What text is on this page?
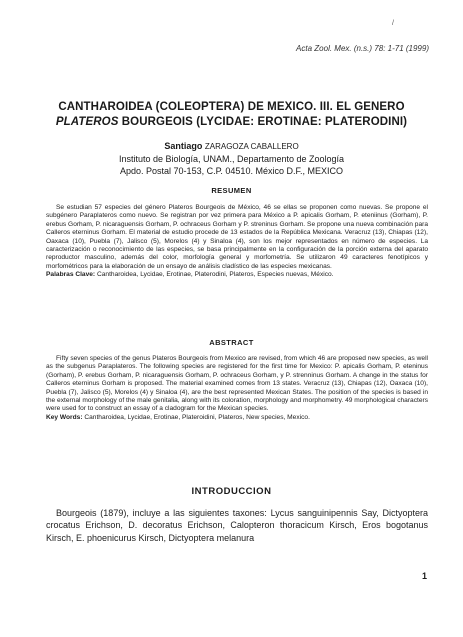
/
Acta Zool. Mex. (n.s.) 78: 1-71 (1999)
CANTHAROIDEA (COLEOPTERA) DE MEXICO. III. EL GENERO
PLATEROS BOURGEOIS (LYCIDAE: EROTINAE: PLATERODINI)
Santiago ZARAGOZA CABALLERO
Instituto de Biología, UNAM., Departamento de Zoología
Apdo. Postal 70-153, C.P. 04510. México D.F., MEXICO
RESUMEN

Se estudian 57 especies del género Plateros Bourgeois de México, 46 se ellas se proponen como nuevas. Se propone el subgénero Paraplateros como nuevo. Se registran por vez primera para México a P. apicalis Gorham, P. eteniinus (Gorham), P. erebus Gorham, P. nicaraguensis Gorham, P. ochraceus Gorham y P. streninus Gorham. Se propone una nueva combinación para Calleros eterninus Gorham. El material de estudio procede de 13 estados de la República Mexicana. Veracruz (13), Chiapas (12), Oaxaca (10), Puebla (7), Jalisco (5), Morelos (4) y Sinaloa (4), son los mejor representados en número de especies. La caracterización o reconocimiento de las especies, se basa principalmente en la configuración de la porción externa del aparato reproductor masculino, además del color, morfología general y morfometría. Se utilizaron 49 caracteres fenotípicos y morfométricos para la elaboración de un ensayo de análisis cladístico de las especies mexicanas.

Palabras Clave: Cantharoidea, Lycidae, Erotinae, Platerodini, Plateros, Especies nuevas, México.

ABSTRACT

Fifty seven species of the genus Plateros Bourgeois from Mexico are revised, from which 46 are proposed new species, as well as the subgenus Paraplateros. The following species are registered for the first time for Mexico: P. apicalis Gorham, P. eteninus (Gorham), P. erebus Gorham, P. nicaraguensis Gorham, P. ochraceus Gorham, y P. strenninus Gorham. A change in the status for Calleros eterninus Gorham is proposed. The material examined comes from 13 states. Veracruz (13), Chiapas (12), Oaxaca (10), Puebla (7), Jalisco (5), Morelos (4) y Sinaloa (4), are the best represented Mexican States. The position of the species is based in the external morphology of the male genitalia, along with its coloration, morphology and morphometry. 49 morphological characters were used for to construct an essay of a cladogram for the Mexican species.

Key Words: Cantharoidea, Lycidae, Erotinae, Plateroidini, Plateros, New species, Mexico.

INTRODUCCION

Bourgeois (1879), incluye a las siguientes taxones: Lycus sanguinipennis Say, Dictyoptera crocatus Erichson, D. decoratus Erichson, Calopteron thoracicum Kirsch, Eros bogotanus Kirsch, E. phoenicurus Kirsch, Dictyoptera melanura

1
